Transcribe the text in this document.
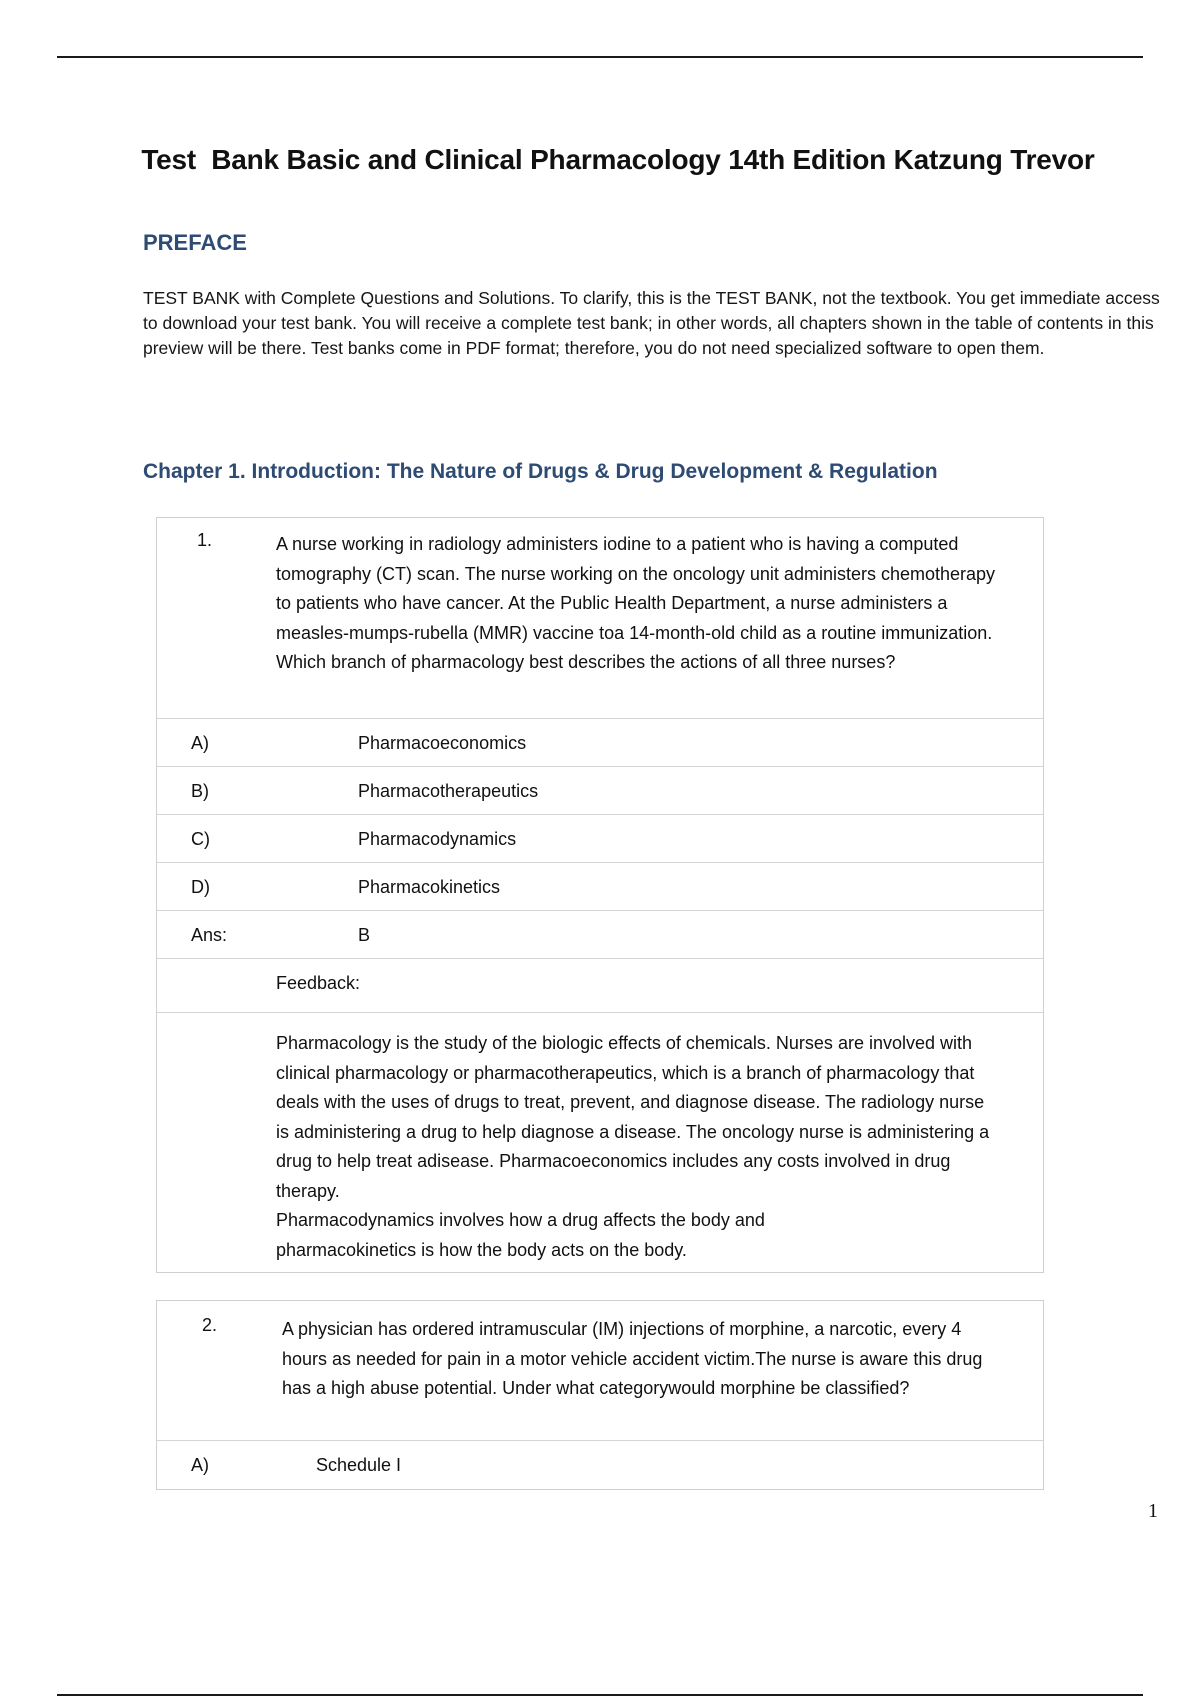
Test  Bank Basic and Clinical Pharmacology 14th Edition Katzung Trevor
PREFACE
TEST BANK with Complete Questions and Solutions. To clarify, this is the TEST BANK, not the textbook. You get immediate access to download your test bank. You will receive a complete test bank; in other words, all chapters shown in the table of contents in this preview will be there. Test banks come in PDF format; therefore, you do not need specialized software to open them.
Chapter 1. Introduction: The Nature of Drugs & Drug Development & Regulation
1.	A nurse working in radiology administers iodine to a patient who is having a computed tomography (CT) scan. The nurse working on the oncology unit administers chemotherapy to patients who have cancer. At the Public Health Department, a nurse administers a measles-mumps-rubella (MMR) vaccine toa 14-month-old child as a routine immunization. Which branch of pharmacology best describes the actions of all three nurses?
A)	Pharmacoeconomics
B)	Pharmacotherapeutics
C)	Pharmacodynamics
D)	Pharmacokinetics
Ans:	B
Feedback:
Pharmacology is the study of the biologic effects of chemicals. Nurses are involved with clinical pharmacology or pharmacotherapeutics, which is a branch of pharmacology that deals with the uses of drugs to treat, prevent, and diagnose disease. The radiology nurse is administering a drug to help diagnose a disease. The oncology nurse is administering a drug to help treat adisease. Pharmacoeconomics includes any costs involved in drug therapy.
Pharmacodynamics involves how a drug affects the body and
pharmacokinetics is how the body acts on the body.
2.	A physician has ordered intramuscular (IM) injections of morphine, a narcotic, every 4 hours as needed for pain in a motor vehicle accident victim.The nurse is aware this drug has a high abuse potential. Under what categorywould morphine be classified?
A)	Schedule I
1
